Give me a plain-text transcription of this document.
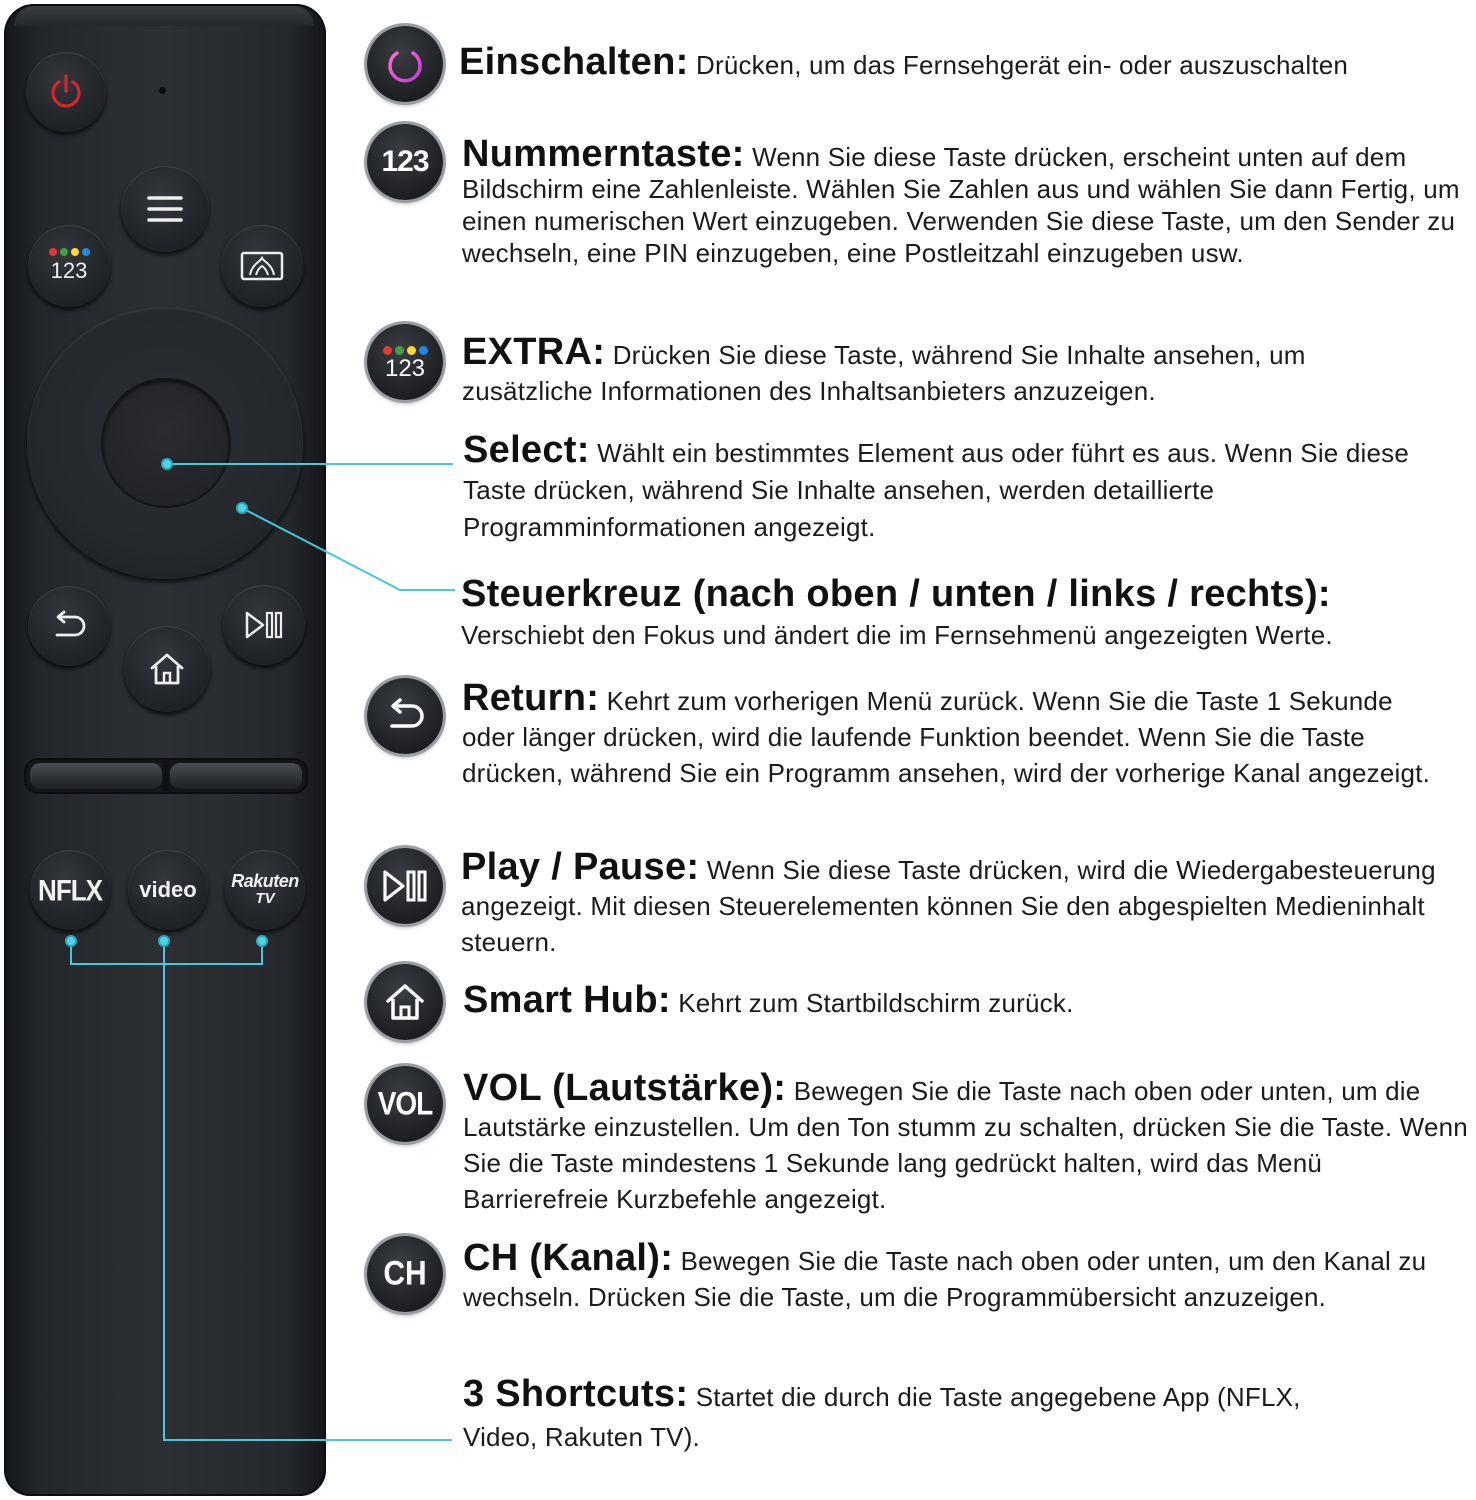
123
NFLX video Rakuten
TV
123
123
VOL
CH
Einschalten: Drücken, um das Fernsehgerät ein- oder auszuschalten
Nummerntaste: Wenn Sie diese Taste drücken, erscheint unten auf dem Bildschirm eine Zahlenleiste. Wählen Sie Zahlen aus und wählen Sie dann Fertig, um einen numerischen Wert einzugeben. Verwenden Sie diese Taste, um den Sender zu wechseln, eine PIN einzugeben, eine Postleitzahl einzugeben usw.
EXTRA: Drücken Sie diese Taste, während Sie Inhalte ansehen, um zusätzliche Informationen des Inhaltsanbieters anzuzeigen.
Select: Wählt ein bestimmtes Element aus oder führt es aus. Wenn Sie diese Taste drücken, während Sie Inhalte ansehen, werden detaillierte Programminformationen angezeigt.
Steuerkreuz (nach oben / unten / links / rechts):
Verschiebt den Fokus und ändert die im Fernsehmenü angezeigten Werte.
Return: Kehrt zum vorherigen Menü zurück. Wenn Sie die Taste 1 Sekunde oder länger drücken, wird die laufende Funktion beendet. Wenn Sie die Taste drücken, während Sie ein Programm ansehen, wird der vorherige Kanal angezeigt.
Play / Pause: Wenn Sie diese Taste drücken, wird die Wiedergabesteuerung angezeigt. Mit diesen Steuerelementen können Sie den abgespielten Medieninhalt steuern.
Smart Hub: Kehrt zum Startbildschirm zurück.
VOL (Lautstärke): Bewegen Sie die Taste nach oben oder unten, um die Lautstärke einzustellen. Um den Ton stumm zu schalten, drücken Sie die Taste. Wenn Sie die Taste mindestens 1 Sekunde lang gedrückt halten, wird das Menü Barrierefreie Kurzbefehle angezeigt.
CH (Kanal): Bewegen Sie die Taste nach oben oder unten, um den Kanal zu wechseln. Drücken Sie die Taste, um die Programmübersicht anzuzeigen.
3 Shortcuts: Startet die durch die Taste angegebene App (NFLX, Video, Rakuten TV).
